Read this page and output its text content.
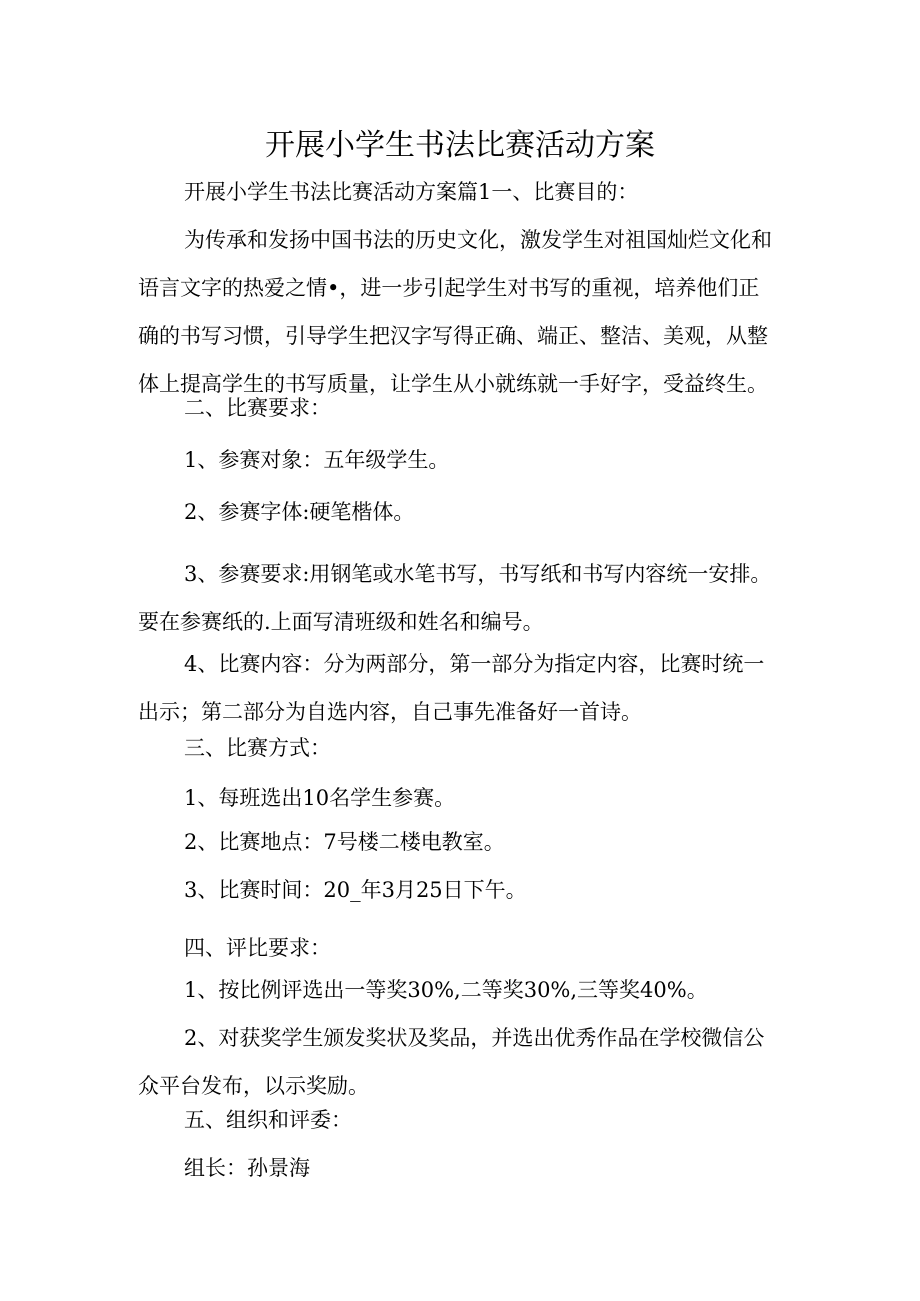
开展小学生书法比赛活动方案

开展小学生书法比赛活动方案篇1一、比赛目的：

为传承和发扬中国书法的历史文化，激发学生对祖国灿烂文化和
语言文字的热爱之情•，进一步引起学生对书写的重视，培养他们正
确的书写习惯，引导学生把汉字写得正确、端正、整洁、美观，从整
体上提高学生的书写质量，让学生从小就练就一手好字，受益终生。

二、比赛要求：

1、参赛对象：五年级学生。

2、参赛字体:硬笔楷体。

3、参赛要求:用钢笔或水笔书写，书写纸和书写内容统一安排。
要在参赛纸的.上面写清班级和姓名和编号。
4、比赛内容：分为两部分，第一部分为指定内容，比赛时统一
出示；第二部分为自选内容，自己事先准备好一首诗。

三、比赛方式：

1、每班选出10名学生参赛。

2、比赛地点：7号楼二楼电教室。

3、比赛时间：20_年3月25日下午。

四、评比要求：

1、按比例评选出一等奖30%,二等奖30%,三等奖40%。

2、对获奖学生颁发奖状及奖品，并选出优秀作品在学校微信公
众平台发布，以示奖励。

五、组织和评委：

组长：孙景海
